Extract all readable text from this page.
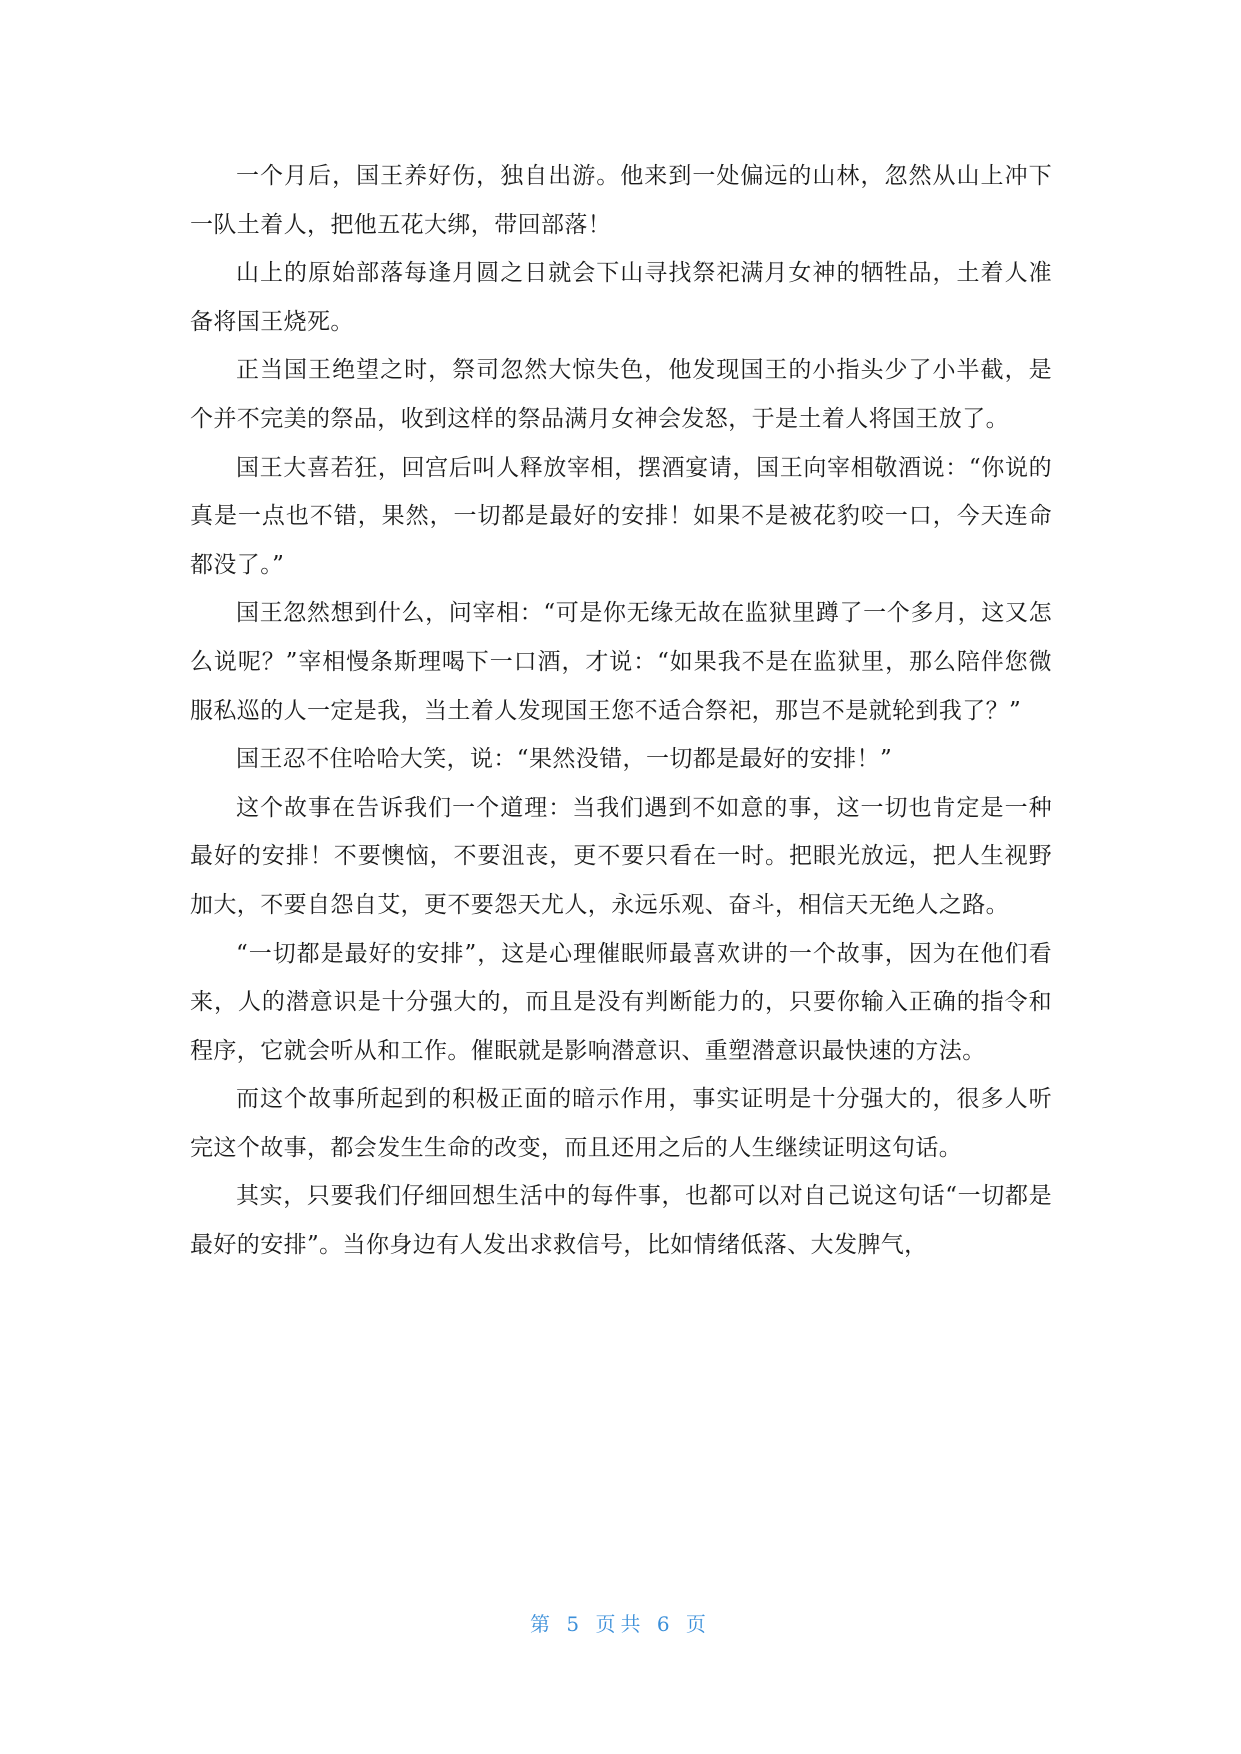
一个月后，国王养好伤，独自出游。他来到一处偏远的山林，忽然从山上冲下一队土着人，把他五花大绑，带回部落！

山上的原始部落每逢月圆之日就会下山寻找祭祀满月女神的牺牲品，土着人准备将国王烧死。

正当国王绝望之时，祭司忽然大惊失色，他发现国王的小指头少了小半截，是个并不完美的祭品，收到这样的祭品满月女神会发怒，于是土着人将国王放了。

国王大喜若狂，回宫后叫人释放宰相，摆酒宴请，国王向宰相敬酒说：“你说的真是一点也不错，果然，一切都是最好的安排！如果不是被花豹咬一口，今天连命都没了。”

国王忽然想到什么，问宰相：“可是你无缘无故在监狱里蹲了一个多月，这又怎么说呢？”宰相慢条斯理喝下一口酒，才说：“如果我不是在监狱里，那么陪伴您微服私巡的人一定是我，当土着人发现国王您不适合祭祀，那岂不是就轮到我了？”

国王忍不住哈哈大笑，说：“果然没错，一切都是最好的安排！”

这个故事在告诉我们一个道理：当我们遇到不如意的事，这一切也肯定是一种最好的安排！不要懊恼，不要沮丧，更不要只看在一时。把眼光放远，把人生视野加大，不要自怨自艾，更不要怨天尤人，永远乐观、奋斗，相信天无绝人之路。

“一切都是最好的安排”，这是心理催眠师最喜欢讲的一个故事，因为在他们看来，人的潜意识是十分强大的，而且是没有判断能力的，只要你输入正确的指令和程序，它就会听从和工作。催眠就是影响潜意识、重塑潜意识最快速的方法。

而这个故事所起到的积极正面的暗示作用，事实证明是十分强大的，很多人听完这个故事，都会发生生命的改变，而且还用之后的人生继续证明这句话。

其实，只要我们仔细回想生活中的每件事，也都可以对自己说这句话“一切都是最好的安排”。当你身边有人发出求救信号，比如情绪低落、大发脾气，

第 5 页共 6 页
